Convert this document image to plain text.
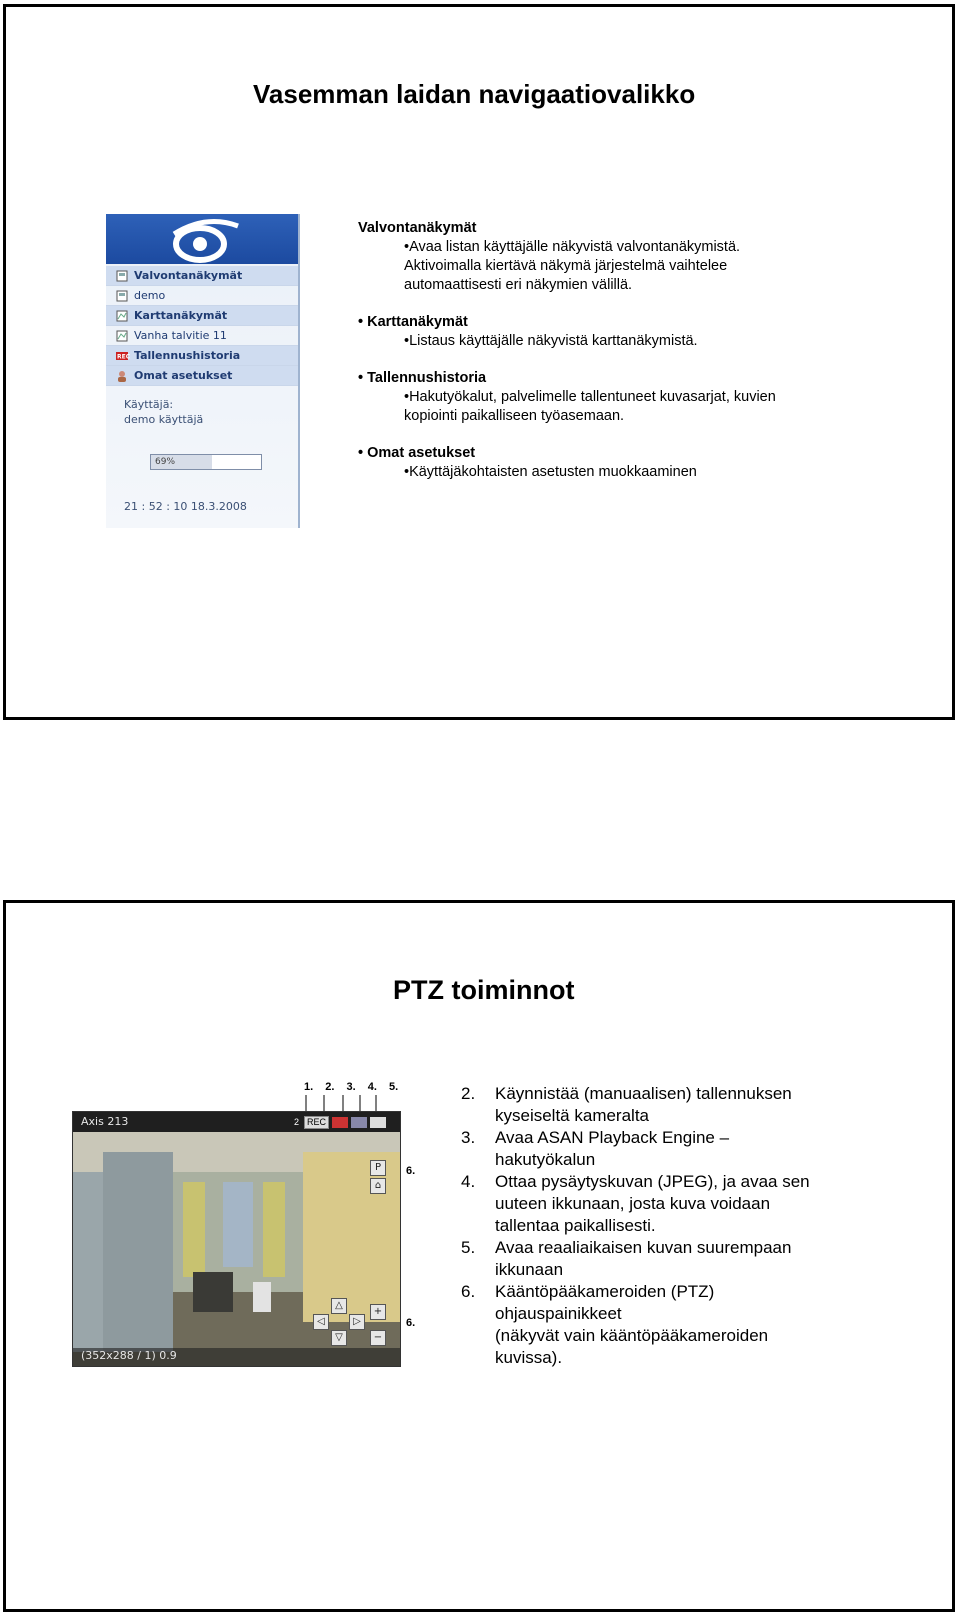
Vasemman laidan navigaatiovalikko
Valvontanäkymät
demo
Karttanäkymät
Vanha talvitie 11
REC Tallennushistoria
Omat asetukset
Käyttäjä:
demo käyttäjä
69%
21 : 52 : 10 18.3.2008
Valvontanäkymät
•Avaa listan käyttäjälle näkyvistä valvontanäkymistä.
Aktivoimalla kiertävä näkymä järjestelmä vaihtelee
automaattisesti eri näkymien välillä.
• Karttanäkymät
•Listaus käyttäjälle näkyvistä karttanäkymistä.
• Tallennushistoria
•Hakutyökalut, palvelimelle tallentuneet kuvasarjat, kuvien
kopiointi paikalliseen työasemaan.
• Omat asetukset
•Käyttäjäkohtaisten asetusten muokkaaminen
PTZ toiminnot
1. 2. 3. 4. 5.
Axis 213	2 REC
P
⌂
◁
△
▷
▽
+
−
(352x288 / 1) 0.9
6.
6.
2.	Käynnistää (manuaalisen) tallennuksen
kyseiseltä kameralta
3.	Avaa ASAN Playback Engine –
hakutyökalun
4.	Ottaa pysäytyskuvan (JPEG), ja avaa sen
uuteen ikkunaan, josta kuva voidaan
tallentaa paikallisesti.
5.	Avaa reaaliaikaisen kuvan suurempaan
ikkunaan
6.	Kääntöpääkameroiden (PTZ)
ohjauspainikkeet
(näkyvät vain kääntöpääkameroiden
kuvissa).
